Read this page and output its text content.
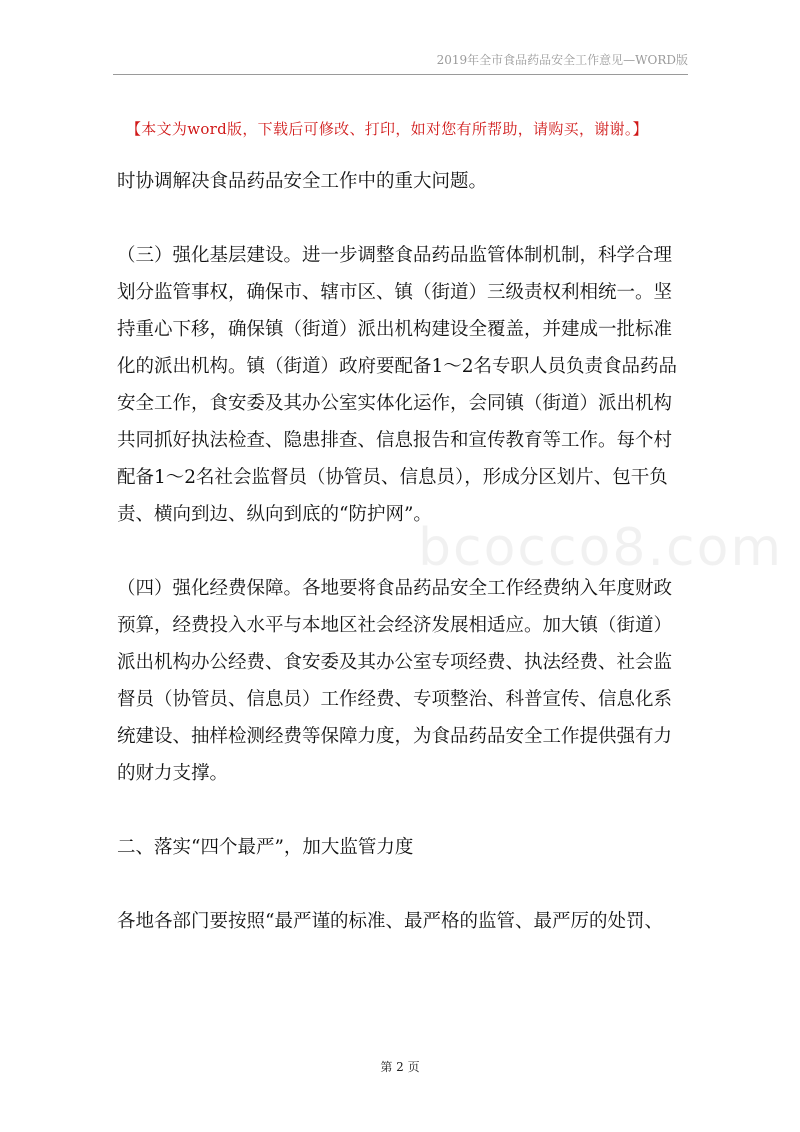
2019年全市食品药品安全工作意见—WORD版
【本文为word版，下载后可修改、打印，如对您有所帮助，请购买，谢谢。】
bcocco8.com

时协调解决食品药品安全工作中的重大问题。

（三）强化基层建设。进一步调整食品药品监管体制机制，科学合理划分监管事权，确保市、辖市区、镇（街道）三级责权利相统一。坚持重心下移，确保镇（街道）派出机构建设全覆盖，并建成一批标准化的派出机构。镇（街道）政府要配备1～2名专职人员负责食品药品安全工作，食安委及其办公室实体化运作，会同镇（街道）派出机构共同抓好执法检查、隐患排查、信息报告和宣传教育等工作。每个村配备1～2名社会监督员（协管员、信息员），形成分区划片、包干负责、横向到边、纵向到底的“防护网”。

（四）强化经费保障。各地要将食品药品安全工作经费纳入年度财政预算，经费投入水平与本地区社会经济发展相适应。加大镇（街道）派出机构办公经费、食安委及其办公室专项经费、执法经费、社会监督员（协管员、信息员）工作经费、专项整治、科普宣传、信息化系统建设、抽样检测经费等保障力度，为食品药品安全工作提供强有力的财力支撑。

二、落实“四个最严”，加大监管力度

各地各部门要按照“最严谨的标准、最严格的监管、最严厉的处罚、

第 2 页
